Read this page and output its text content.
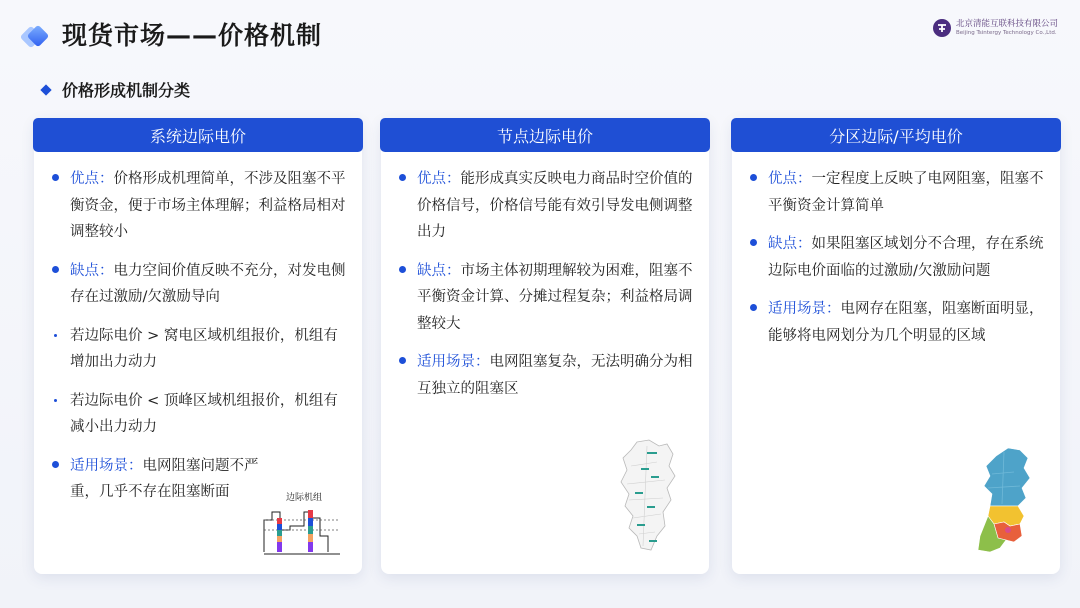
现货市场——价格机制	北京清能互联科技有限公司
Beijing Tsintergy Technology Co.,Ltd.
价格形成机制分类
系统边际电价
优点：价格形成机理简单，不涉及阻塞不平衡资金，便于市场主体理解；利益格局相对调整较小
缺点：电力空间价值反映不充分，对发电侧存在过激励/欠激励导向
若边际电价 > 窝电区域机组报价，机组有增加出力动力
若边际电价 < 顶峰区域机组报价，机组有减小出力动力
适用场景：电网阻塞问题不严重，几乎不存在阻塞断面	边际机组
节点边际电价
优点：能形成真实反映电力商品时空价值的价格信号，价格信号能有效引导发电侧调整出力
缺点：市场主体初期理解较为困难，阻塞不平衡资金计算、分摊过程复杂；利益格局调整较大
适用场景：电网阻塞复杂，无法明确分为相互独立的阻塞区
分区边际/平均电价
优点：一定程度上反映了电网阻塞，阻塞不平衡资金计算简单
缺点：如果阻塞区域划分不合理，存在系统边际电价面临的过激励/欠激励问题
适用场景：电网存在阻塞，阻塞断面明显，能够将电网划分为几个明显的区域
